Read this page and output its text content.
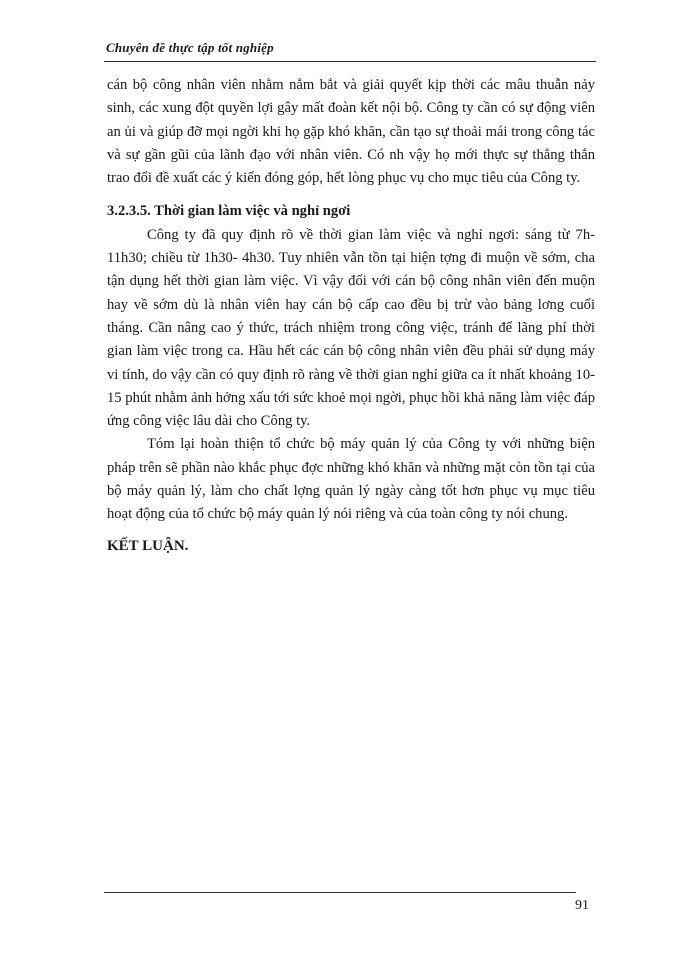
Chuyên đề thực tập tốt nghiệp

cán bộ công nhân viên nhằm nắm bắt và giải quyết kịp thời các mâu thuẫn nảy sinh, các xung đột quyền lợi gây mất đoàn kết nội bộ. Công ty cần có sự động viên an ủi và giúp đỡ mọi ngời khi họ gặp khó khăn, cần tạo sự thoải mái trong công tác và sự gần gũi của lãnh đạo với nhân viên. Có nh vậy họ mới thực sự thẳng thắn trao đổi đề xuất các ý kiến đóng góp, hết lòng phục vụ cho mục tiêu của Công ty.

3.2.3.5. Thời gian làm việc và nghỉ ngơi

Công ty đã quy định rõ về thời gian làm việc và nghỉ ngơi: sáng từ 7h-11h30; chiều từ 1h30- 4h30. Tuy nhiên vẫn tồn tại hiện tợng đi muộn về sớm, cha tận dụng hết thời gian làm việc. Vì vậy đối với cán bộ công nhân viên đến muộn hay về sớm dù là nhân viên hay cán bộ cấp cao đều bị trừ vào bảng lơng cuối tháng. Cần nâng cao ý thức, trách nhiệm trong công việc, tránh để lãng phí thời gian làm việc trong ca. Hầu hết các cán bộ công nhân viên đều phải sử dụng máy vi tính, do vậy cần có quy định rõ ràng về thời gian nghỉ giữa ca ít nhất khoảng 10-15 phút nhằm ảnh hởng xấu tới sức khoẻ mọi ngời, phục hồi khả năng làm việc đáp ứng công việc lâu dài cho Công ty.

Tóm lại hoàn thiện tổ chức bộ máy quản lý của Công ty với những biện pháp trên sẽ phần nào khắc phục đợc những khó khăn và những mặt còn tồn tại của bộ máy quản lý, làm cho chất lợng quản lý ngày càng tốt hơn phục vụ mục tiêu hoạt động của tổ chức bộ máy quản lý nói riêng và của toàn công ty nói chung.

KẾT LUẬN.

91
